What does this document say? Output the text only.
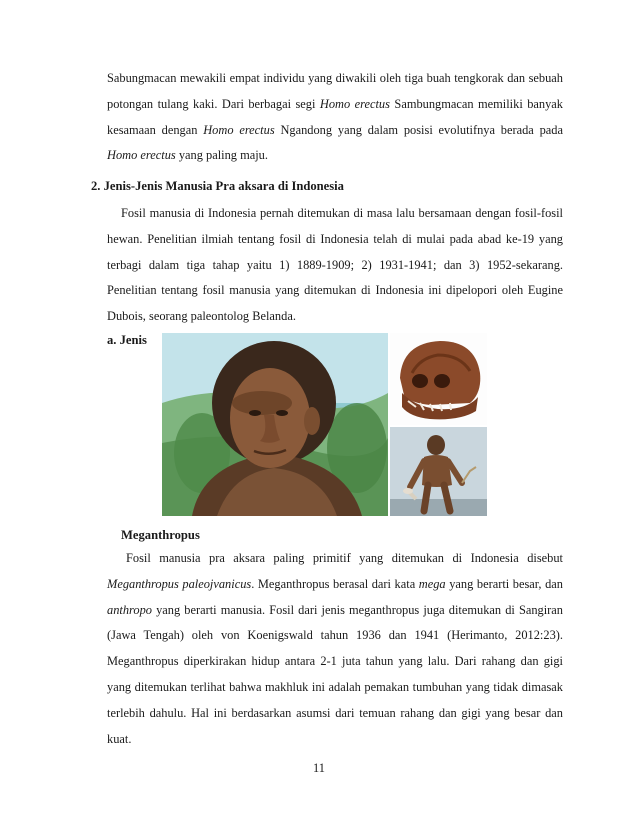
Sabungmacan mewakili empat individu yang diwakili oleh tiga buah tengkorak dan sebuah potongan tulang kaki. Dari berbagai segi Homo erectus Sambungmacan memiliki banyak kesamaan dengan Homo erectus Ngandong yang dalam posisi evolutifnya berada pada Homo erectus yang paling maju.

2. Jenis-Jenis Manusia Pra aksara di Indonesia

Fosil manusia di Indonesia pernah ditemukan di masa lalu bersamaan dengan fosil-fosil hewan. Penelitian ilmiah tentang fosil di Indonesia telah di mulai pada abad ke-19 yang terbagi dalam tiga tahap yaitu 1) 1889-1909; 2) 1931-1941; dan 3) 1952-sekarang. Penelitian tentang fosil manusia yang ditemukan di Indonesia ini dipelopori oleh Eugine Dubois, seorang paleontolog Belanda.

a. Jenis

Meganthropus

Fosil manusia pra aksara paling primitif yang ditemukan di Indonesia disebut Meganthropus paleojvanicus. Meganthropus berasal dari kata mega yang berarti besar, dan anthropo yang berarti manusia. Fosil dari jenis meganthropus juga ditemukan di Sangiran (Jawa Tengah) oleh von Koenigswald tahun 1936 dan 1941 (Herimanto, 2012:23). Meganthropus diperkirakan hidup antara 2-1 juta tahun yang lalu. Dari rahang dan gigi yang ditemukan terlihat bahwa makhluk ini adalah pemakan tumbuhan yang tidak dimasak terlebih dahulu. Hal ini berdasarkan asumsi dari temuan rahang dan gigi yang besar dan kuat.

11
